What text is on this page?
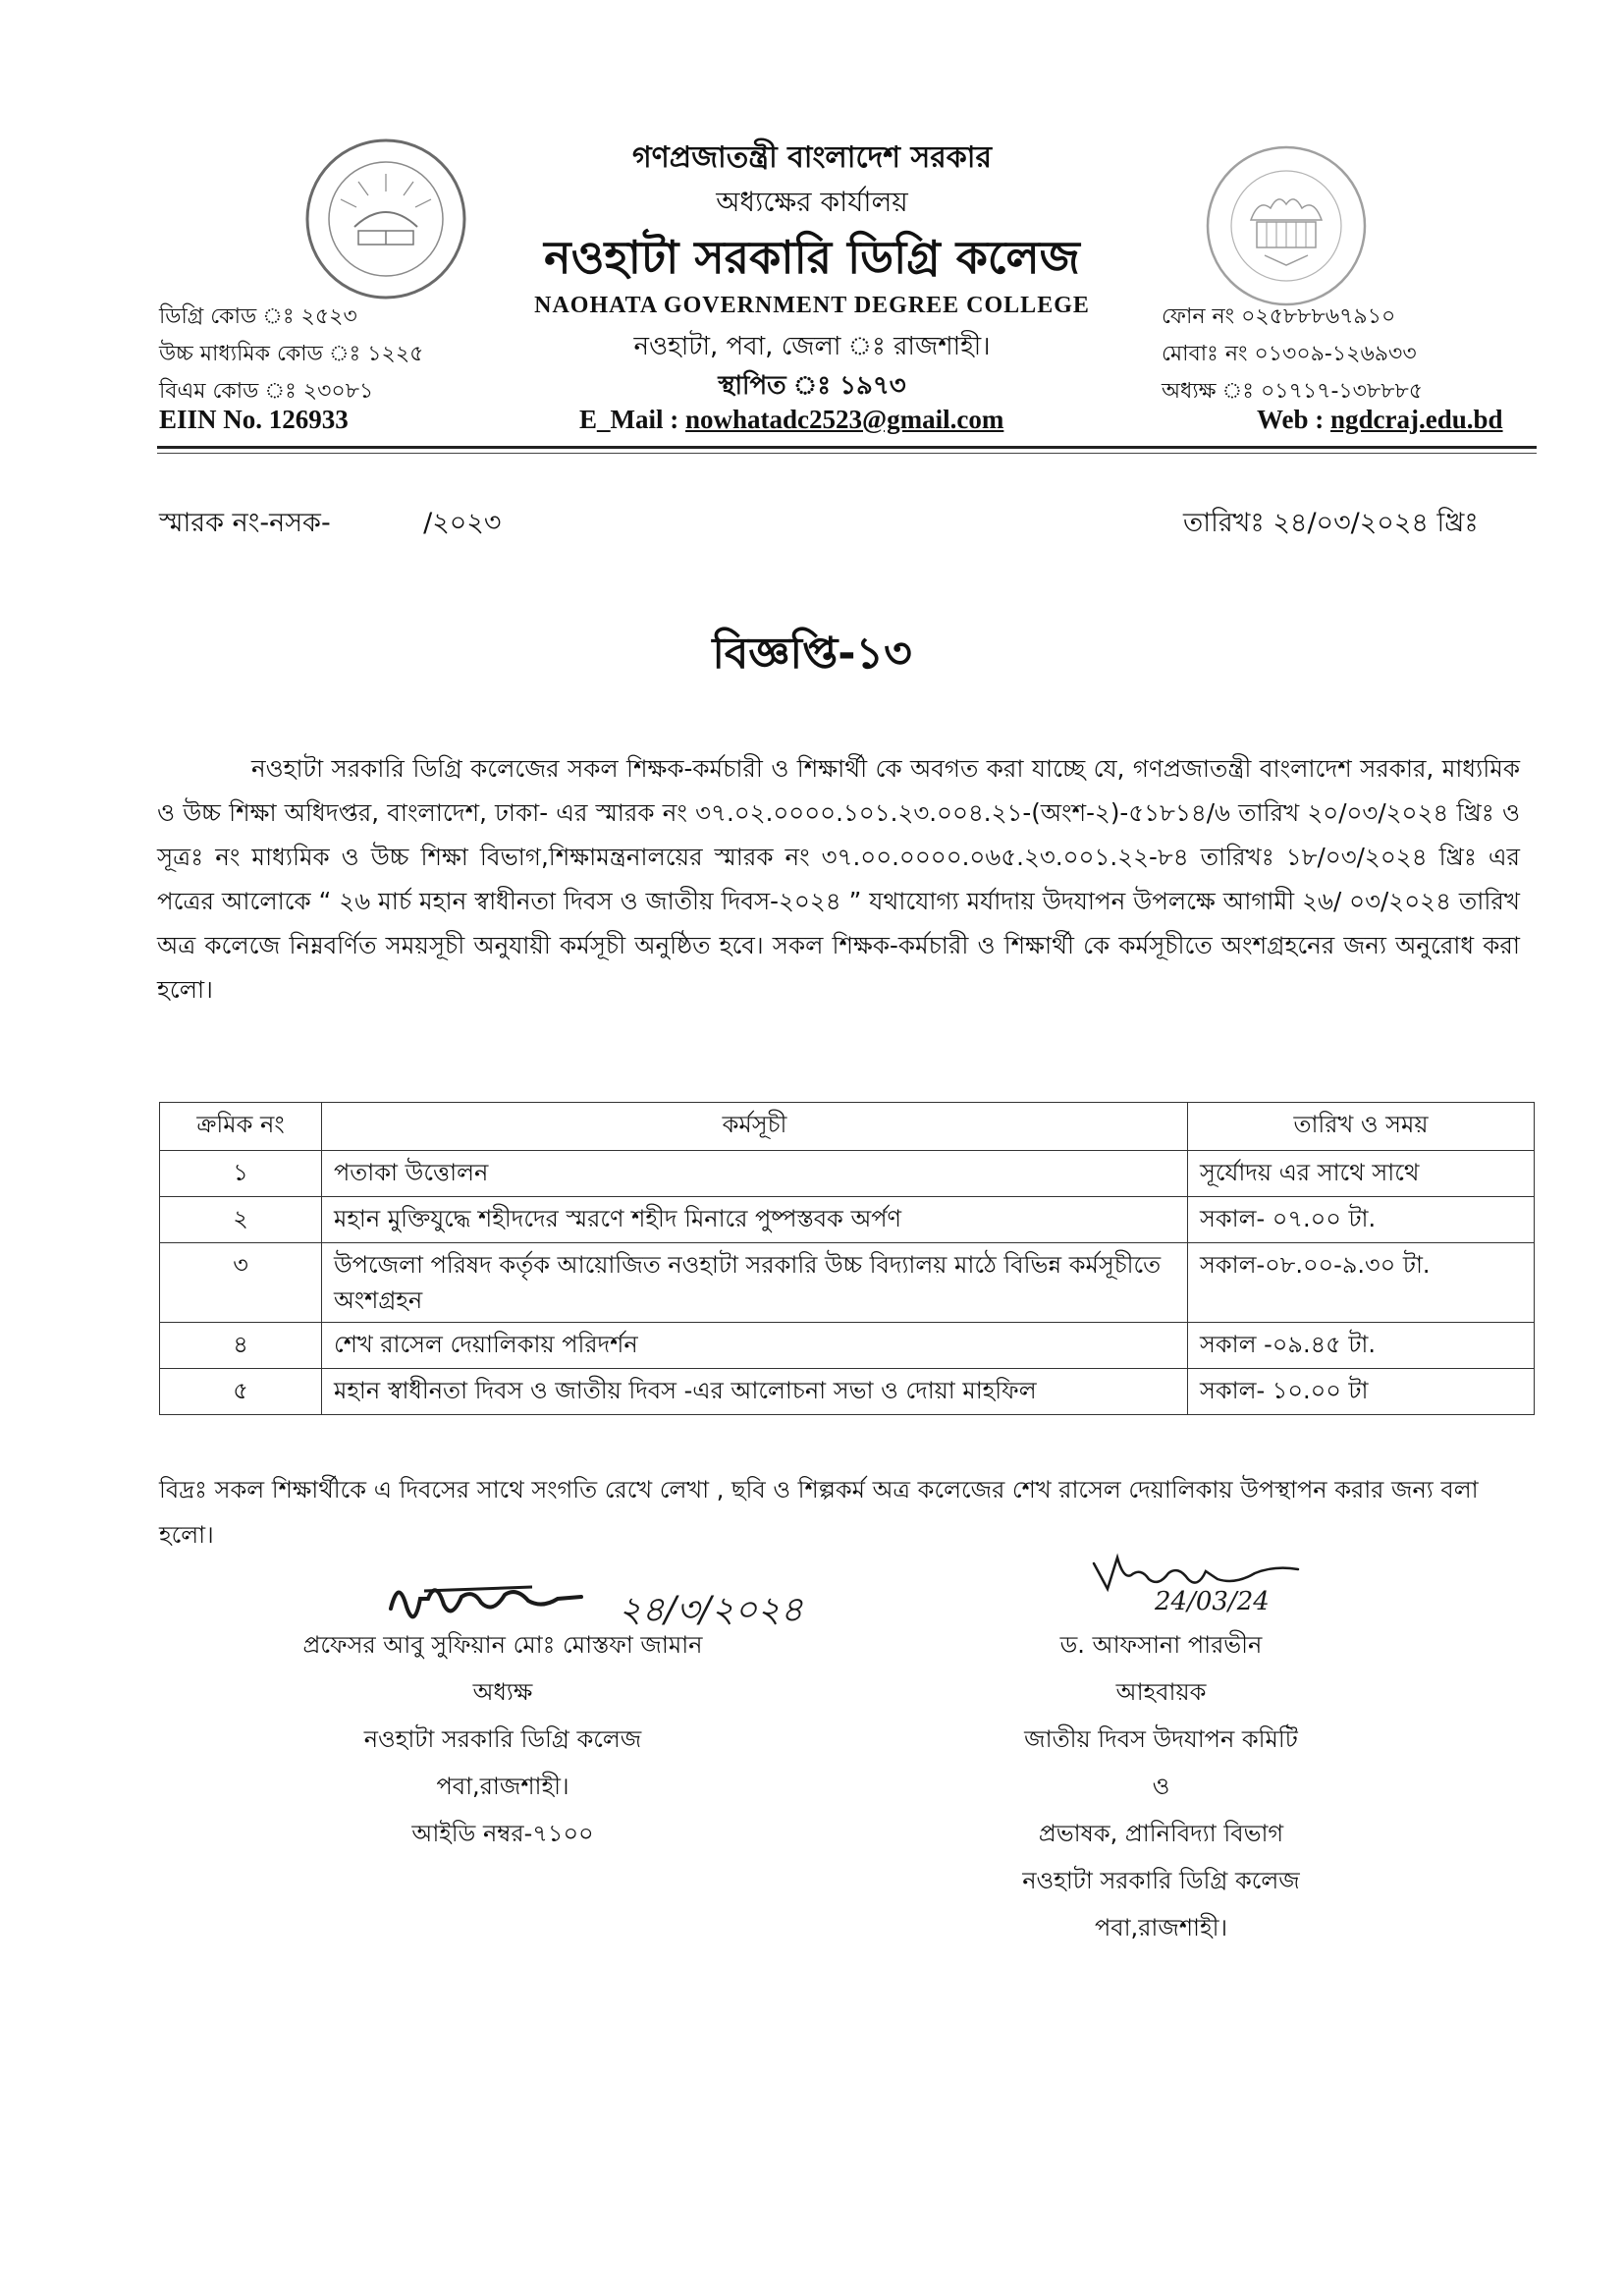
গণপ্রজাতন্ত্রী বাংলাদেশ সরকার
অধ্যক্ষের কার্যালয়
নওহাটা সরকারি ডিগ্রি কলেজ
NAOHATA GOVERNMENT DEGREE COLLEGE
নওহাটা, পবা, জেলা ঃ রাজশাহী।
স্থাপিত ঃ ১৯৭৩
E_Mail : nowhatadc2523@gmail.com
ডিগ্রি কোড ঃ ২৫২৩
উচ্চ মাধ্যমিক কোড ঃ ১২২৫
বিএম কোড ঃ ২৩০৮১
EIIN No. 126933
ফোন নং ০২৫৮৮৮৬৭৯১০
মোবাঃ নং ০১৩০৯-১২৬৯৩৩
অধ্যক্ষ ঃ ০১৭১৭-১৩৮৮৮৫
Web : ngdcraj.edu.bd
স্মারক নং-নসক-           /২০২৩	তারিখঃ ২৪/০৩/২০২৪ খ্রিঃ
বিজ্ঞপ্তি-১৩
নওহাটা সরকারি ডিগ্রি কলেজের সকল শিক্ষক-কর্মচারী ও শিক্ষার্থী কে অবগত করা যাচ্ছে যে, গণপ্রজাতন্ত্রী বাংলাদেশ সরকার, মাধ্যমিক ও উচ্চ শিক্ষা অধিদপ্তর, বাংলাদেশ, ঢাকা- এর স্মারক নং ৩৭.০২.০০০০.১০১.২৩.০০৪.২১-(অংশ-২)-৫১৮১৪/৬ তারিখ ২০/০৩/২০২৪ খ্রিঃ ও সূত্রঃ নং মাধ্যমিক ও উচ্চ শিক্ষা বিভাগ,শিক্ষামন্ত্রনালয়ের স্মারক নং ৩৭.০০.০০০০.০৬৫.২৩.০০১.২২-৮৪ তারিখঃ ১৮/০৩/২০২৪ খ্রিঃ এর পত্রের আলোকে “ ২৬ মার্চ মহান স্বাধীনতা দিবস ও জাতীয় দিবস-২০২৪ ” যথাযোগ্য মর্যাদায় উদযাপন উপলক্ষে আগামী ২৬/ ০৩/২০২৪ তারিখ অত্র কলেজে নিম্নবর্ণিত সময়সূচী অনুযায়ী কর্মসূচী অনুষ্ঠিত হবে। সকল শিক্ষক-কর্মচারী ও শিক্ষার্থী কে কর্মসূচীতে অংশগ্রহনের জন্য অনুরোধ করা হলো।
ক্রমিক নং	কর্মসূচী	তারিখ ও সময়
১	পতাকা উত্তোলন	সূর্যোদয় এর সাথে সাথে
২	মহান মুক্তিযুদ্ধে শহীদদের স্মরণে শহীদ মিনারে পুষ্পস্তবক অর্পণ	সকাল- ০৭.০০ টা.
৩	উপজেলা পরিষদ কর্তৃক আয়োজিত নওহাটা সরকারি উচ্চ বিদ্যালয় মাঠে বিভিন্ন কর্মসূচীতে অংশগ্রহন	সকাল-০৮.০০-৯.৩০ টা.
৪	শেখ রাসেল দেয়ালিকায় পরিদর্শন	সকাল -০৯.৪৫ টা.
৫	মহান স্বাধীনতা দিবস ও জাতীয় দিবস -এর আলোচনা সভা ও দোয়া মাহফিল	সকাল- ১০.০০ টা
বিদ্রঃ সকল শিক্ষার্থীকে এ দিবসের সাথে সংগতি রেখে লেখা , ছবি ও শিল্পকর্ম অত্র কলেজের শেখ রাসেল দেয়ালিকায় উপস্থাপন করার জন্য বলা হলো।
২৪/৩/২০২৪	24/03/24
প্রফেসর আবু সুফিয়ান মোঃ মোস্তফা জামান
অধ্যক্ষ
নওহাটা সরকারি ডিগ্রি কলেজ
পবা,রাজশাহী।
আইডি নম্বর-৭১০০
ড. আফসানা পারভীন
আহবায়ক
জাতীয় দিবস উদযাপন কমিটি
ও
প্রভাষক, প্রানিবিদ্যা বিভাগ
নওহাটা সরকারি ডিগ্রি কলেজ
পবা,রাজশাহী।
